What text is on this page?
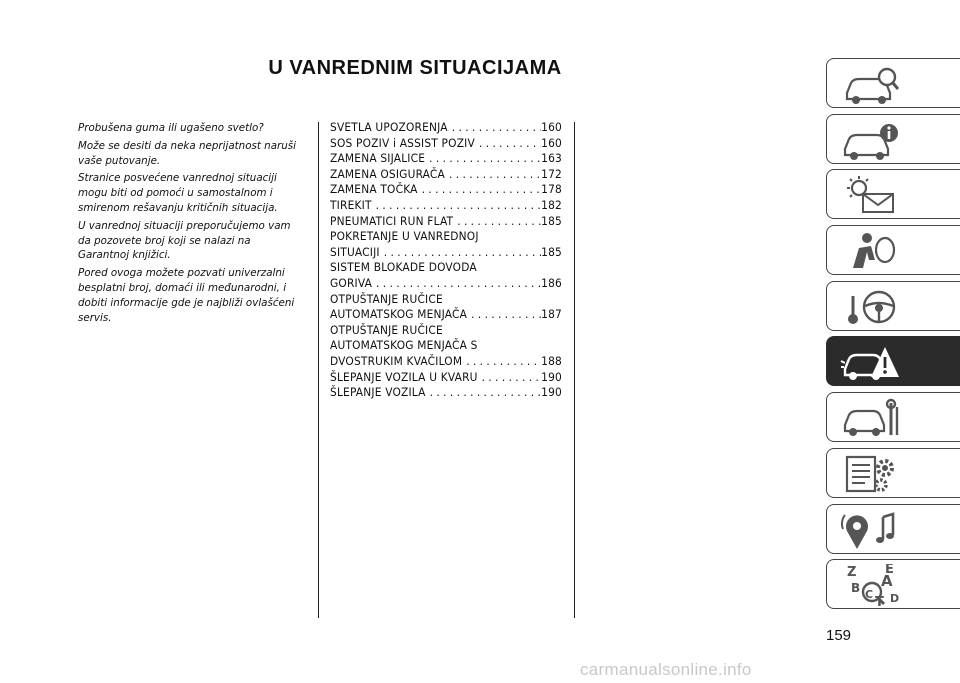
U VANREDNIM SITUACIJAMA

Probušena guma ili ugašeno svetlo?

Može se desiti da neka neprijatnost naruši vaše putovanje.

Stranice posvećene vanrednoj situaciji mogu biti od pomoći u samostalnom i smirenom rešavanju kritičnih situacija.

U vanrednoj situaciji preporučujemo vam da pozovete broj koji se nalazi na Garantnoj knjižici.

Pored ovoga možete pozvati univerzalni besplatni broj, domaći ili međunarodni, i dobiti informacije gde je najbliži ovlašćeni servis.

SVETLA UPOZORENJA . . .	160
SOS POZIV i ASSIST POZIV . . .	160
ZAMENA SIJALICE . . .	163
ZAMENA OSIGURAČA . . .	172
ZAMENA TOČKA . . .	178
TIREKIT . . .	182
PNEUMATICI RUN FLAT . . .	185
POKRETANJE U VANREDNOJ
SITUACIJI . . .	185
SISTEM BLOKADE DOVODA
GORIVA . . .	186
OTPUŠTANJE RUČICE
AUTOMATSKOG MENJAČA . . .	187
OTPUŠTANJE RUČICE
AUTOMATSKOG MENJAČA S
DVOSTRUKIM KVAČILOM . . .	188
ŠLEPANJE VOZILA U KVARU . . .	190
ŠLEPANJE VOZILA . . .	190
Z E
B A
C
T D
159
carmanualsonline.info
